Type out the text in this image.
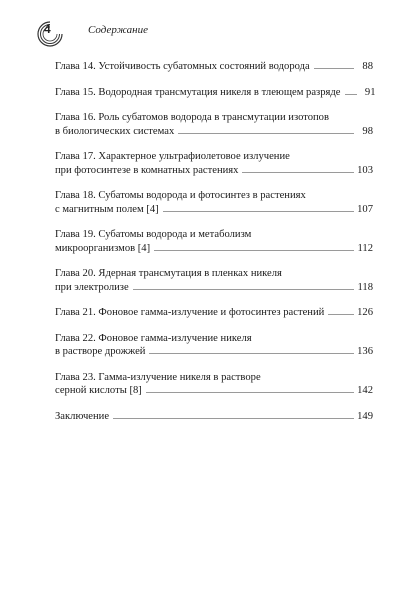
4	Содержание
Глава 14. Устойчивость субатомных состояний водорода	88
Глава 15. Водородная трансмутация никеля в тлеющем разряде	91
Глава 16. Роль субатомов водорода в трансмутации изотопов
в биологических системах	98
Глава 17. Характерное ультрафиолетовое излучение
при фотосинтезе в комнатных растениях	103
Глава 18. Субатомы водорода и фотосинтез в растениях
с магнитным полем [4]	107
Глава 19. Субатомы водорода и метаболизм
микроорганизмов [4]	112
Глава 20. Ядерная трансмутация в пленках никеля
при электролизе	118
Глава 21. Фоновое гамма-излучение и фотосинтез растений	126
Глава 22. Фоновое гамма-излучение никеля
в растворе дрожжей	136
Глава 23. Гамма-излучение никеля в растворе
серной кислоты [8]	142
Заключение	149
